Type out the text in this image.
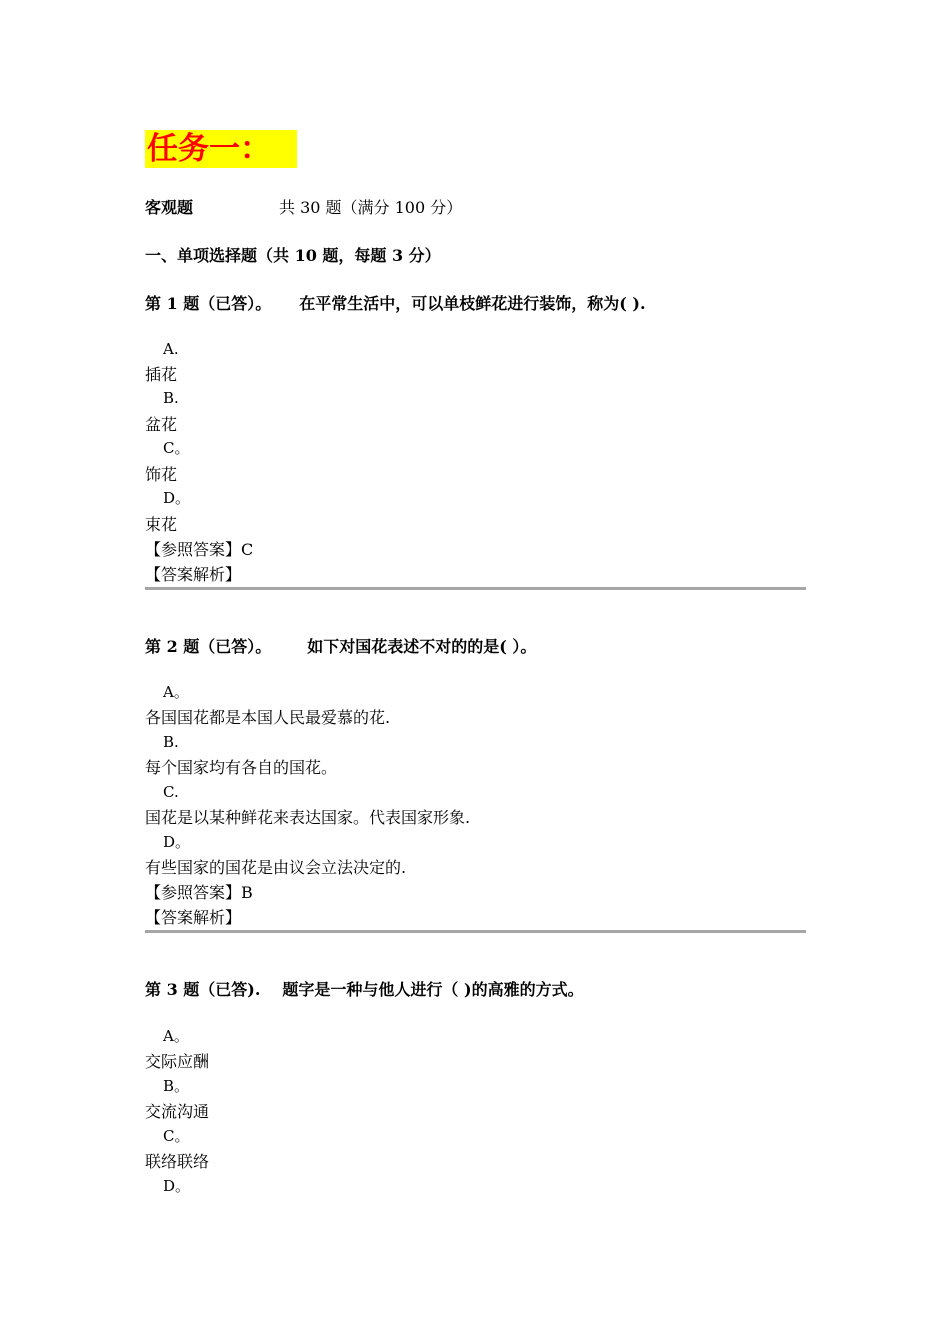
任务一：
客观题	共 30 题（满分 100 分）
一、单项选择题（共 10 题，每题 3 分）
第 1 题（已答）。 在平常生活中，可以单枝鲜花进行装饰，称为( ).
A.
插花
B.
盆花
C。
饰花
D。
束花
【参照答案】C
【答案解析】
第 2 题（已答）。 如下对国花表述不对的的是( ）。
A。
各国国花都是本国人民最爱慕的花.
B.
每个国家均有各自的国花。
C.
国花是以某种鲜花来表达国家。代表国家形象.
D。
有些国家的国花是由议会立法决定的.
【参照答案】B
【答案解析】
第 3 题（已答). 题字是一种与他人进行（ )的高雅的方式。
A。
交际应酬
B。
交流沟通
C。
联络联络
D。
